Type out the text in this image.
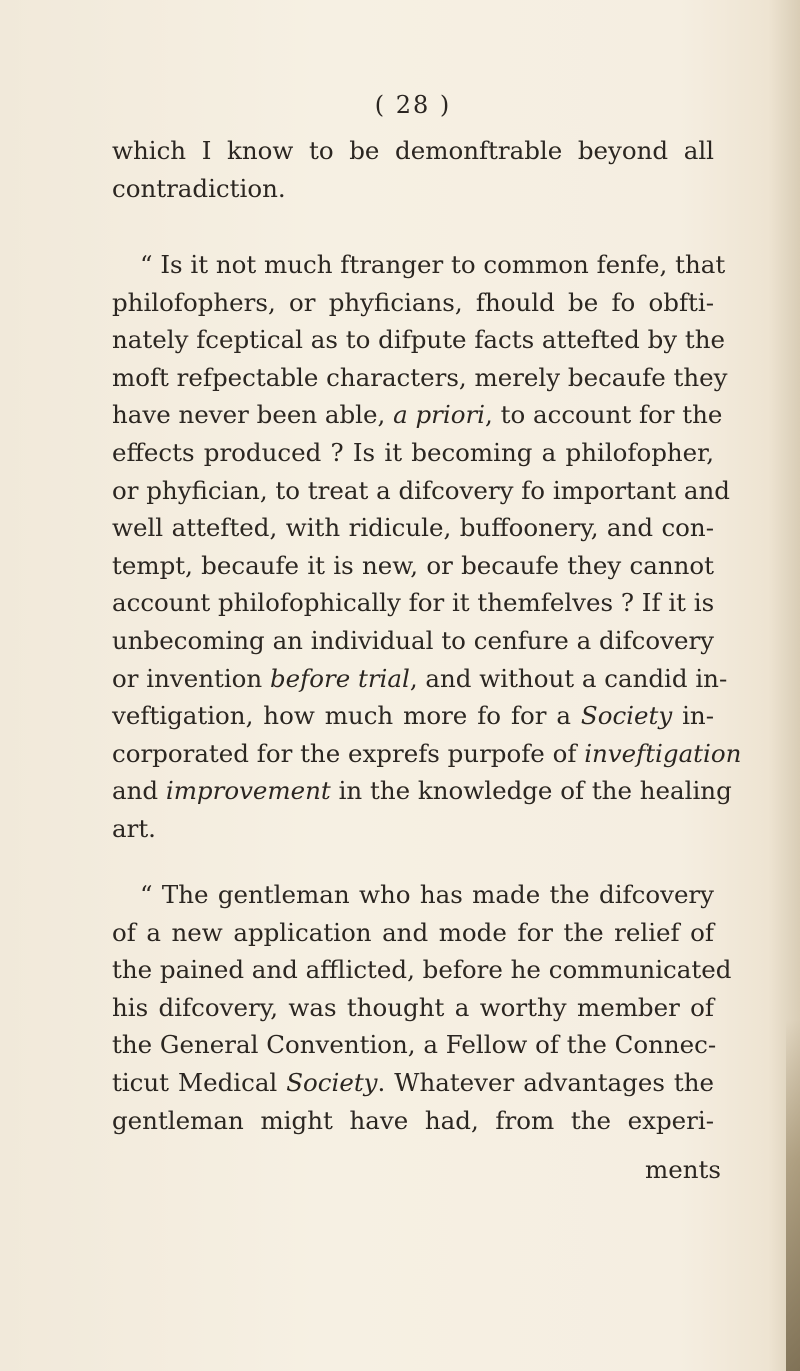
( 28 )

which I know to be demonftrable beyond all
contradiction.

“ Is it not much ftranger to common fenfe, that
philofophers, or phyficians, fhould be fo obfti-
nately fceptical as to difpute facts attefted by the
moft refpectable characters, merely becaufe they
have never been able, a priori, to account for the
effects produced ? Is it becoming a philofopher,
or phyfician, to treat a difcovery fo important and
well attefted, with ridicule, buffoonery, and con-
tempt, becaufe it is new, or becaufe they cannot
account philofophically for it themfelves ? If it is
unbecoming an individual to cenfure a difcovery
or invention before trial, and without a candid in-
veftigation, how much more fo for a Society in-
corporated for the exprefs purpofe of inveftigation
and improvement in the knowledge of the healing
art.

“ The gentleman who has made the difcovery
of a new application and mode for the relief of
the pained and afflicted, before he communicated
his difcovery, was thought a worthy member of
the General Convention, a Fellow of the Connec-
ticut Medical Society. Whatever advantages the
gentleman might have had, from the experi-

ments
